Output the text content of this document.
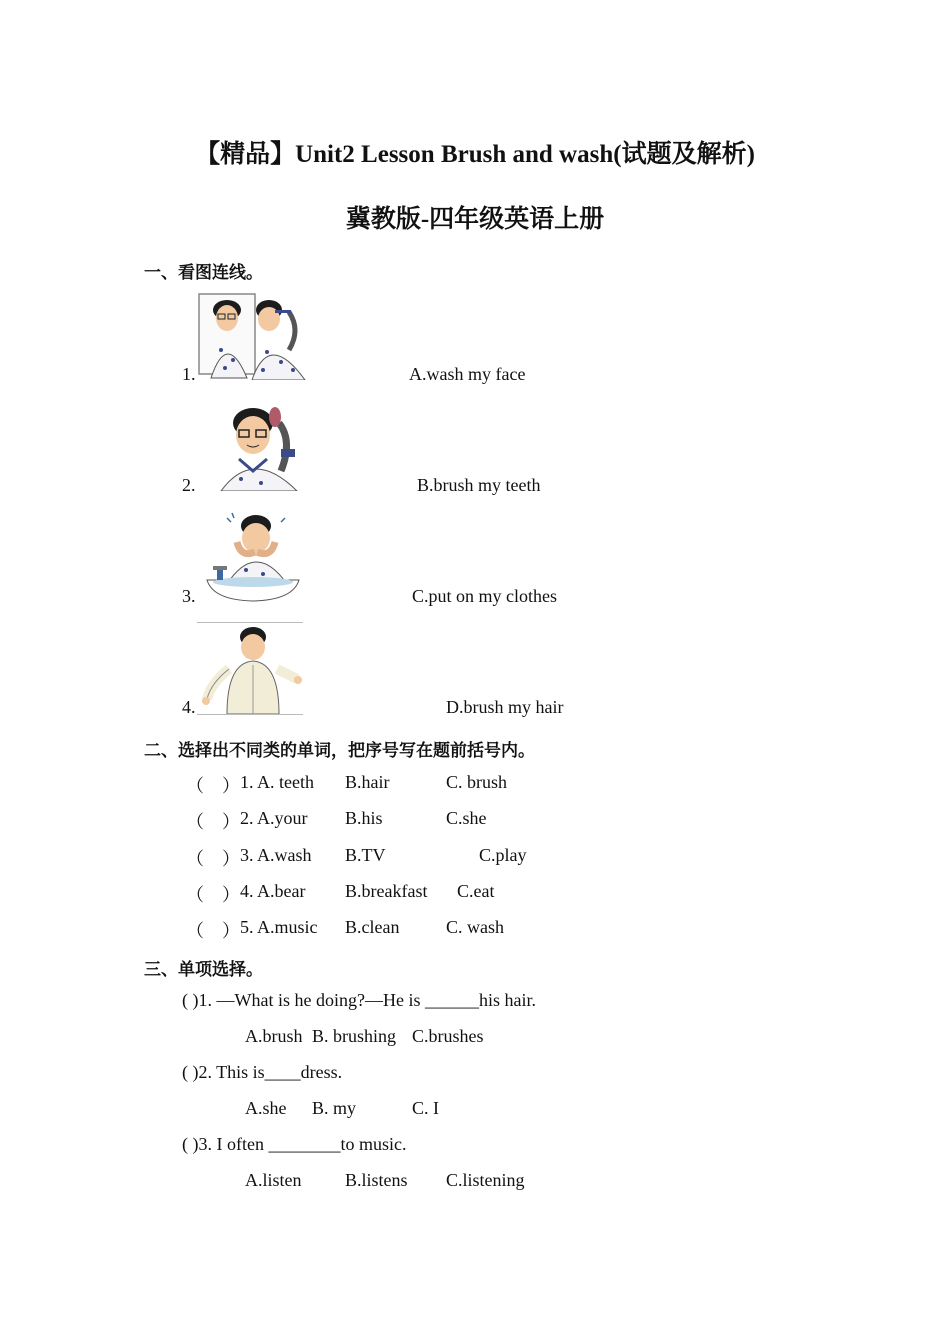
【精品】Unit2 Lesson Brush and wash(试题及解析)
冀教版-四年级英语上册
一、看图连线。
1.	A.wash my face
2.	B.brush my teeth
3.	C.put on my clothes
4.	D.brush my hair
二、选择出不同类的单词，把序号写在题前括号内。
（　） 1. A. teeth B.hair	C. brush
（　） 2. A.your B.his	C.she
（　） 3. A.wash B.TV	C.play
（　） 4. A.bear B.breakfast C.eat
（　） 5. A.music B.clean	C. wash
三、单项选择。
( )1. —What is he doing?—He is ______his hair.
A.brush B. brushing C.brushes
( )2. This is____dress.
A.she B. my	C. I
( )3. I often ________to music.
A.listen B.listens C.listening
